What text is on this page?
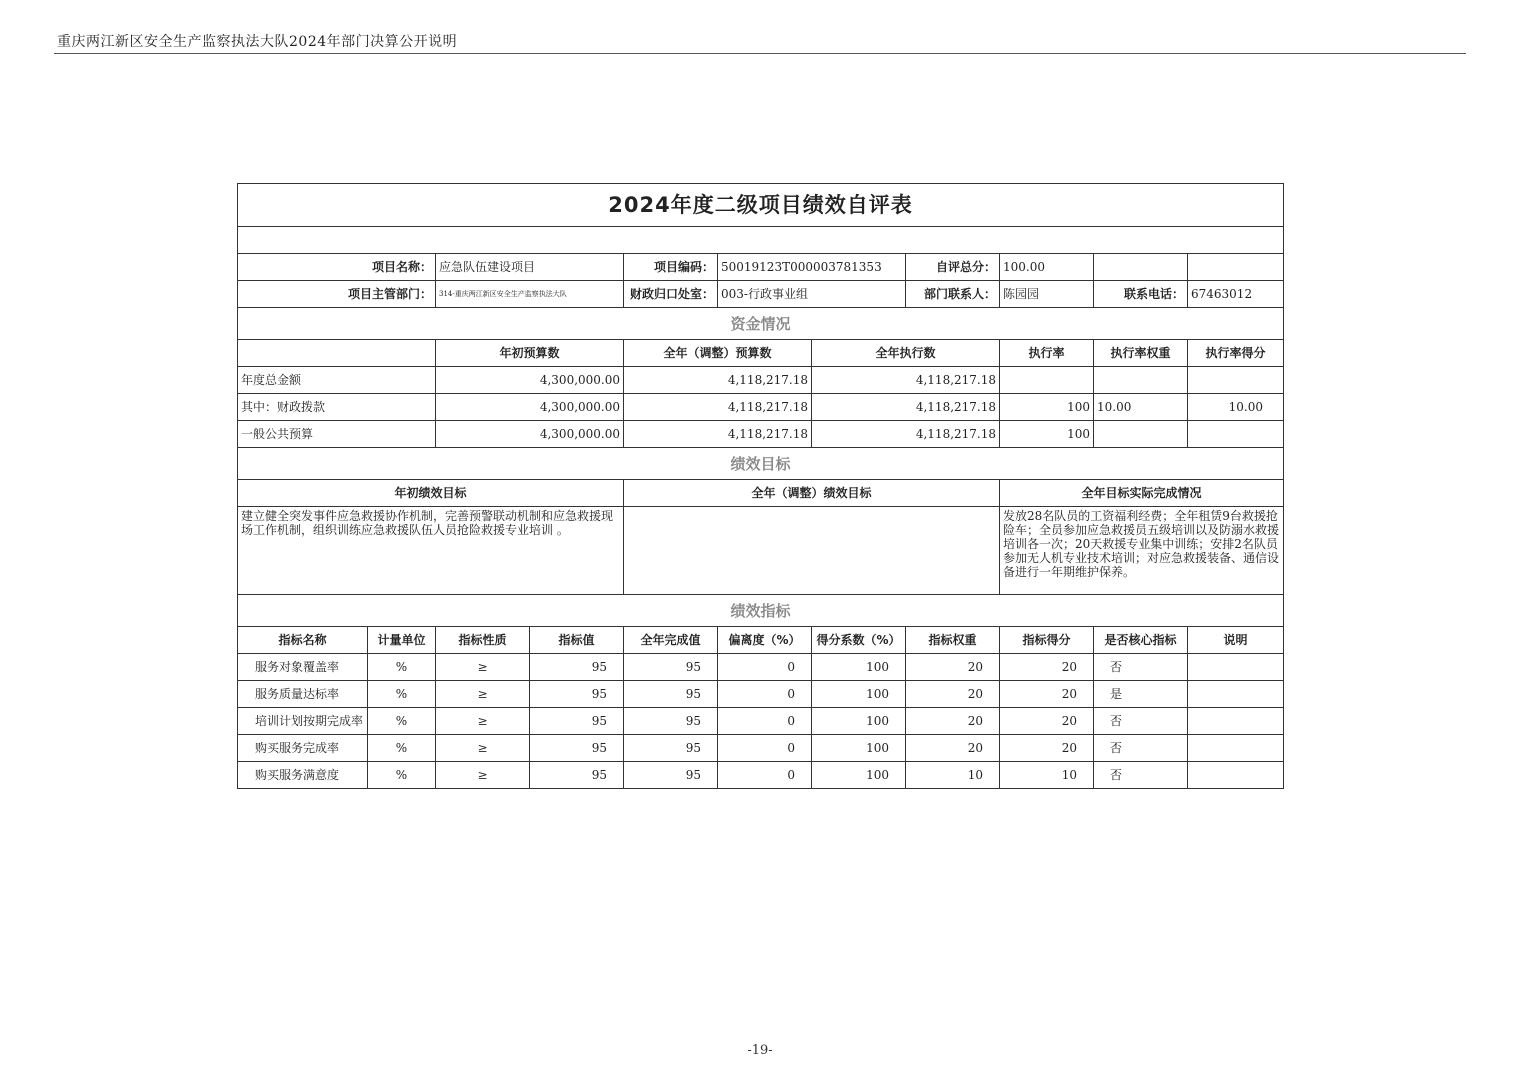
重庆两江新区安全生产监察执法大队2024年部门决算公开说明
2024年度二级项目绩效自评表										

项目名称：		应急队伍建设项目		项目编码：	50019123T000003781353		自评总分：	100.00		
项目主管部门：		314-重庆两江新区安全生产监察执法大队		财政归口处室：	003-行政事业组		部门联系人：	陈园园	联系电话：	67463012
资金情况										
		年初预算数		全年（调整）预算数		全年执行数		执行率	执行率权重	执行率得分
年度总金额		4,300,000.00		4,118,217.18		4,118,217.18				
其中：财政拨款		4,300,000.00		4,118,217.18		4,118,217.18		100	10.00	10.00
一般公共预算		4,300,000.00		4,118,217.18		4,118,217.18		100		
绩效目标										
年初绩效目标				全年（调整）绩效目标				全年目标实际完成情况		
建立健全突发事件应急救援协作机制，完善预警联动机制和应急救援现场工作机制，组织训练应急救援队伍人员抢险救援专业培训 。								发放28名队员的工资福利经费；全年租赁9台救援抢险车；全员参加应急救援员五级培训以及防溺水救援培训各一次；20天救援专业集中训练；安排2名队员参加无人机专业技术培训；对应急救援装备、通信设备进行一年期维护保养。		
绩效指标										
指标名称	计量单位	指标性质	指标值	全年完成值	偏离度（%）	得分系数（%）	指标权重	指标得分	是否核心指标	说明
服务对象覆盖率	%	≥	95	95	0	100	20	20	否	
服务质量达标率	%	≥	95	95	0	100	20	20	是	
培训计划按期完成率	%	≥	95	95	0	100	20	20	否	
购买服务完成率	%	≥	95	95	0	100	20	20	否	
购买服务满意度	%	≥	95	95	0	100	10	10	否	
-19-
